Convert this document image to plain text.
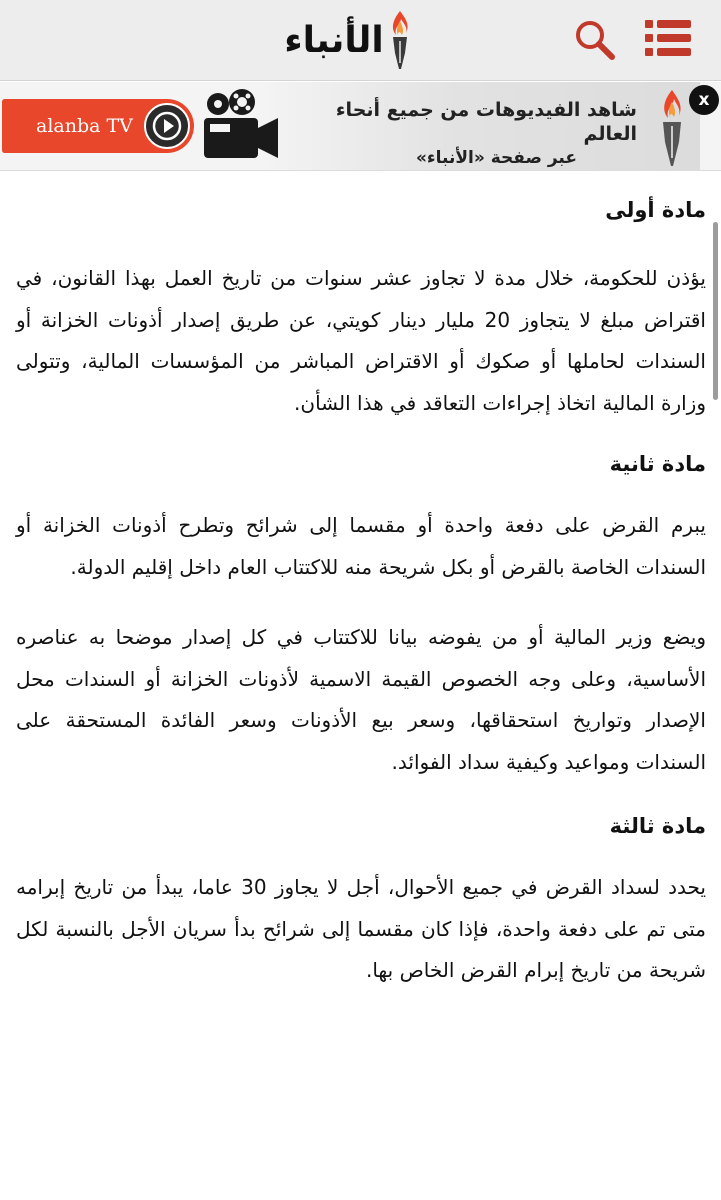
الأنباء
alanba TV
شاهد الفيديوهات من جميع أنحاء العالم
عبر صفحة «الأنباء»
x
مادة أولى

يؤذن للحكومة، خلال مدة لا تجاوز عشر سنوات من تاريخ العمل بهذا القانون، في اقتراض مبلغ لا يتجاوز 20 مليار دينار كويتي، عن طريق إصدار أذونات الخزانة أو السندات لحاملها أو صكوك أو الاقتراض المباشر من المؤسسات المالية، وتتولى وزارة المالية اتخاذ إجراءات التعاقد في هذا الشأن.

مادة ثانية

يبرم القرض على دفعة واحدة أو مقسما إلى شرائح وتطرح أذونات الخزانة أو السندات الخاصة بالقرض أو بكل شريحة منه للاكتتاب العام داخل إقليم الدولة.

ويضع وزير المالية أو من يفوضه بيانا للاكتتاب في كل إصدار موضحا به عناصره الأساسية، وعلى وجه الخصوص القيمة الاسمية لأذونات الخزانة أو السندات محل الإصدار وتواريخ استحقاقها، وسعر بيع الأذونات وسعر الفائدة المستحقة على السندات ومواعيد وكيفية سداد الفوائد.

مادة ثالثة

يحدد لسداد القرض في جميع الأحوال، أجل لا يجاوز 30 عاما، يبدأ من تاريخ إبرامه متى تم على دفعة واحدة، فإذا كان مقسما إلى شرائح بدأ سريان الأجل بالنسبة لكل شريحة من تاريخ إبرام القرض الخاص بها.
